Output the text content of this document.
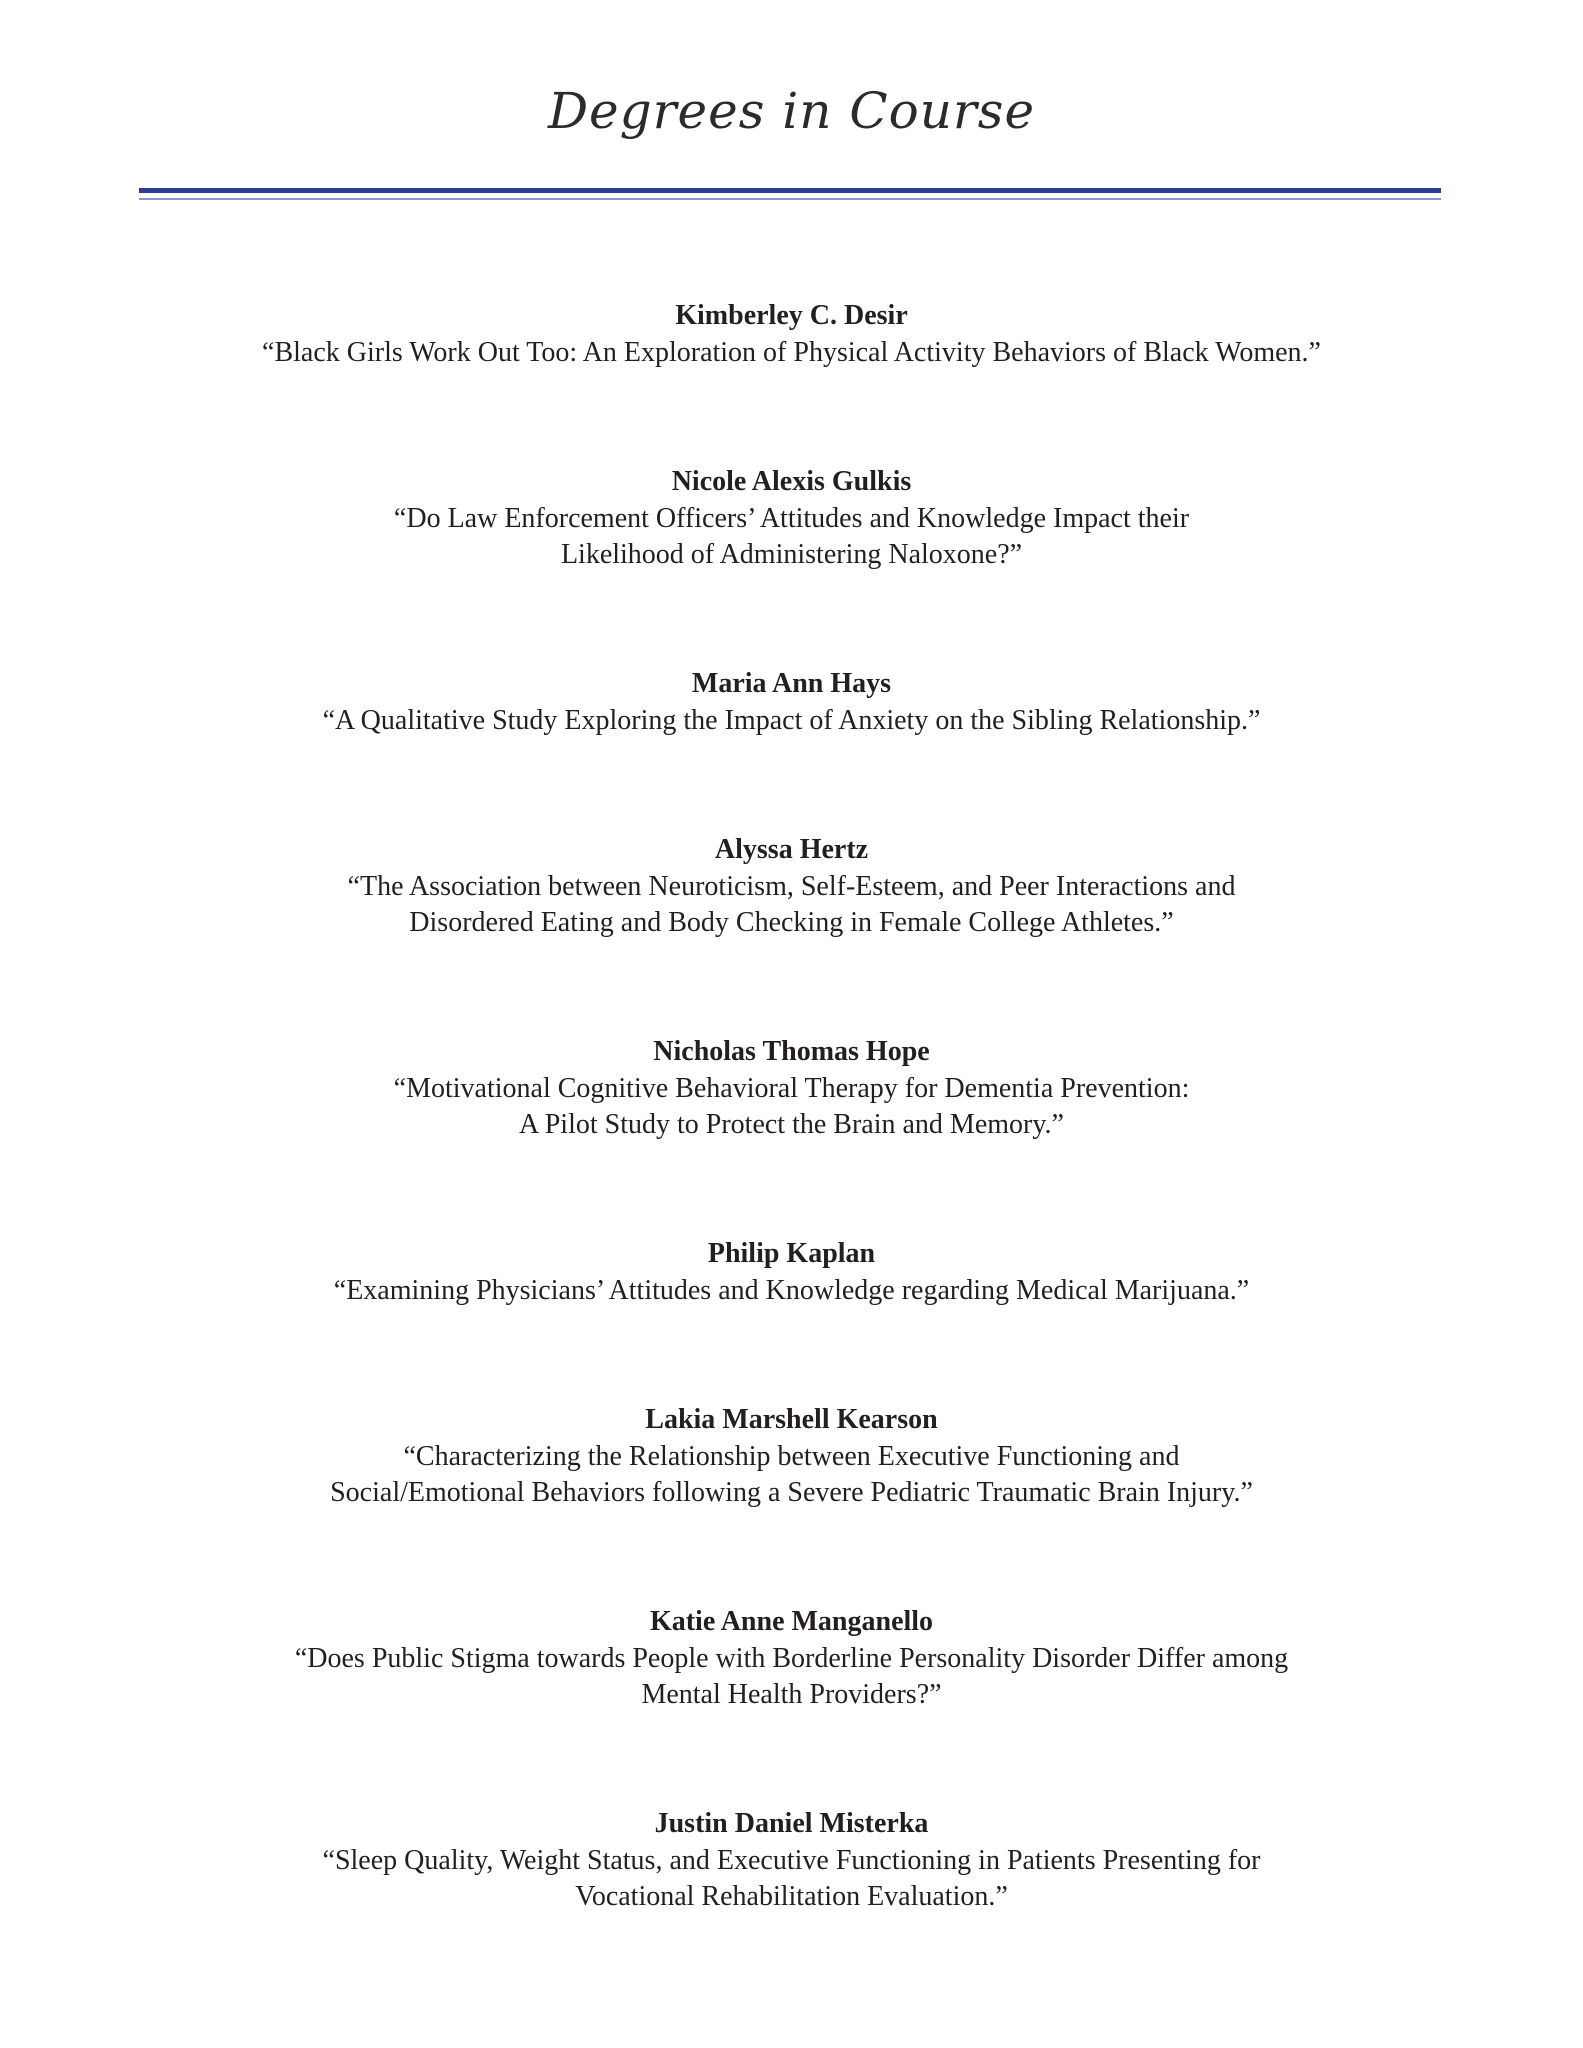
Degrees in Course
Kimberley C. Desir
“Black Girls Work Out Too: An Exploration of Physical Activity Behaviors of Black Women.”
Nicole Alexis Gulkis
“Do Law Enforcement Officers’ Attitudes and Knowledge Impact their
Likelihood of Administering Naloxone?”
Maria Ann Hays
“A Qualitative Study Exploring the Impact of Anxiety on the Sibling Relationship.”
Alyssa Hertz
“The Association between Neuroticism, Self-Esteem, and Peer Interactions and
Disordered Eating and Body Checking in Female College Athletes.”
Nicholas Thomas Hope
“Motivational Cognitive Behavioral Therapy for Dementia Prevention:
A Pilot Study to Protect the Brain and Memory.”
Philip Kaplan
“Examining Physicians’ Attitudes and Knowledge regarding Medical Marijuana.”
Lakia Marshell Kearson
“Characterizing the Relationship between Executive Functioning and
Social/Emotional Behaviors following a Severe Pediatric Traumatic Brain Injury.”
Katie Anne Manganello
“Does Public Stigma towards People with Borderline Personality Disorder Differ among
Mental Health Providers?”
Justin Daniel Misterka
“Sleep Quality, Weight Status, and Executive Functioning in Patients Presenting for
Vocational Rehabilitation Evaluation.”
